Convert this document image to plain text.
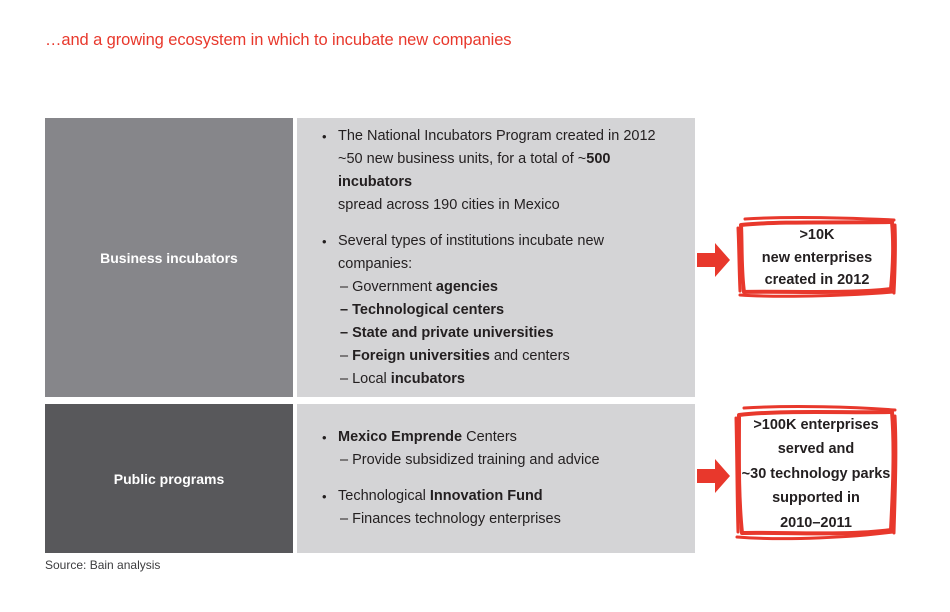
…and a growing ecosystem in which to incubate new companies
Business incubators
• The National Incubators Program created in 2012
~50 new business units, for a total of ~500 incubators
spread across 190 cities in Mexico

• Several types of institutions incubate new companies:

– Government agencies

– Technological centers

– State and private universities

– Foreign universities and centers

– Local incubators

Public programs
• Mexico Emprende Centers

– Provide subsidized training and advice

• Technological Innovation Fund

– Finances technology enterprises

>10K
new enterprises
created in 2012
>100K enterprises
served and
~30 technology parks
supported in
2010–2011

Source: Bain analysis
